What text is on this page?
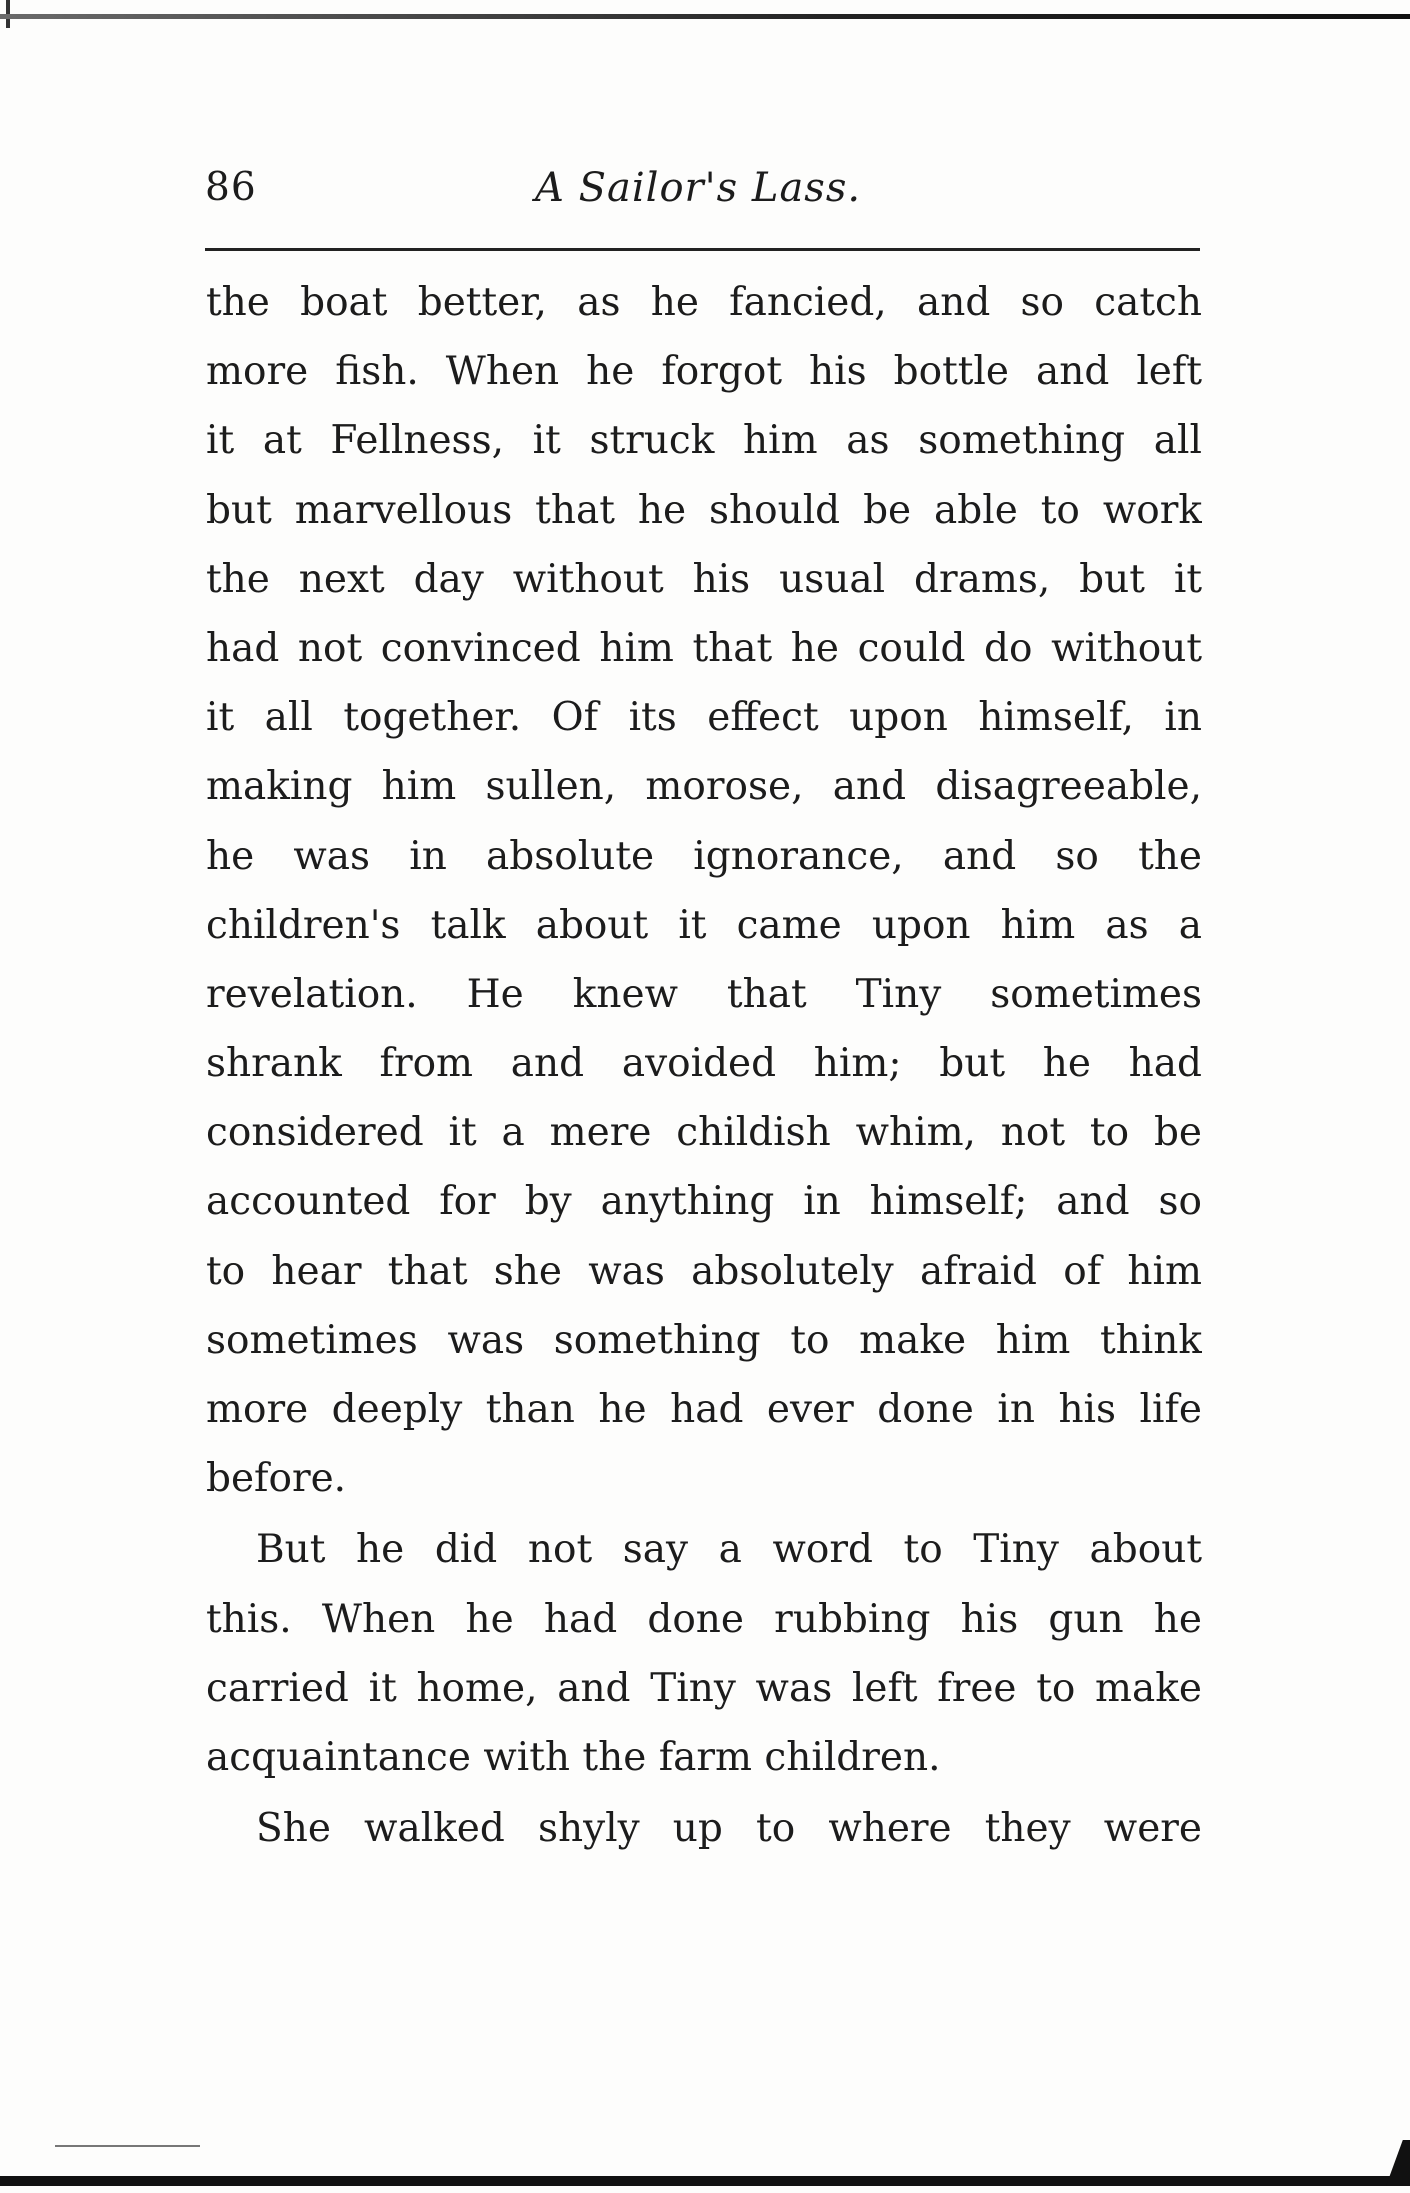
86	A Sailor's Lass.
the boat better, as he fancied, and so catch
more fish. When he forgot his bottle and left
it at Fellness, it struck him as something all
but marvellous that he should be able to work
the next day without his usual drams, but it
had not convinced him that he could do without
it all together. Of its effect upon himself, in
making him sullen, morose, and disagreeable,
he was in absolute ignorance, and so the
children's talk about it came upon him as a
revelation. He knew that Tiny sometimes
shrank from and avoided him; but he had
considered it a mere childish whim, not to be
accounted for by anything in himself; and so
to hear that she was absolutely afraid of him
sometimes was something to make him think
more deeply than he had ever done in his life
before.
But he did not say a word to Tiny about
this. When he had done rubbing his gun he
carried it home, and Tiny was left free to make
acquaintance with the farm children.
She walked shyly up to where they were
